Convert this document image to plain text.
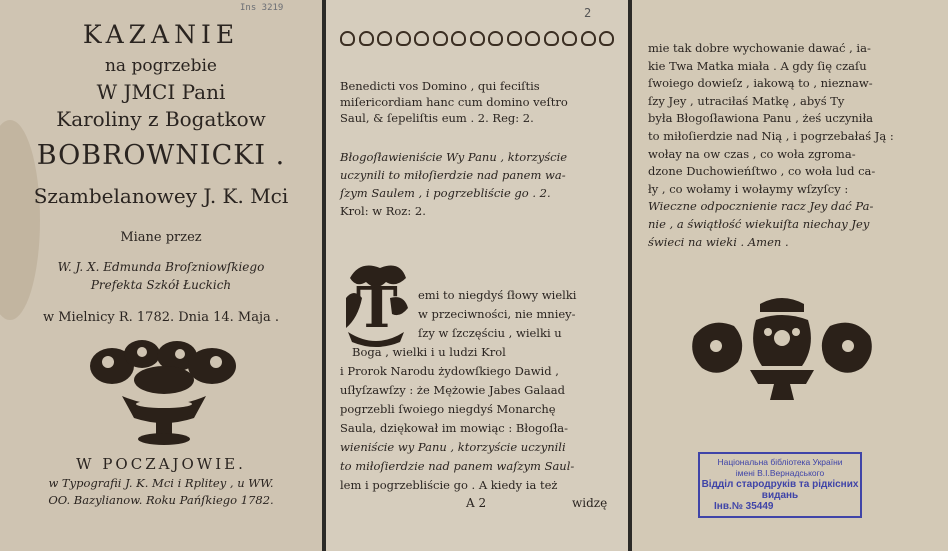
Ins 3219
KAZANIE
na pogrzebie
W JMCI Pani
Karoliny z Bogatkow
BOBROWNICKI .
Szambelanowey J. K. Mci
Miane przez
W. J. X. Edmunda Broſzniowſkiego
Prefekta Szkół Łuckich
w Mielnicy R. 1782. Dnia 14. Maja .
W POCZAJOWIE.
w Typografii J. K. Mci i Rplitey , u WW.
OO. Bazylianow. Roku Pańſkiego 1782.
2
Benedicti vos Domino , qui feciſtis
miſericordiam hanc cum domino veſtro
Saul, & ſepeliſtis eum . 2. Reg: 2.
Błogoſławieniście Wy Panu , ktorzyście
uczynili to miłoſierdzie nad panem wa-
ſzym Saulem , i pogrzebliście go . 2.
Krol: w Roz: 2.
T emi to niegdyś ſłowy wielki
w przeciwności, nie mniey-
ſzy w ſzczęściu , wielki u
Boga , wielki i u ludzi Krol
i Prorok Narodu żydowſkiego Dawid ,
uſłyſzawſzy : że Mężowie Jabes Galaad
pogrzebli ſwoiego niegdyś Monarchę
Saula, dziękował im mowiąc : Błogoſła-
wieniście wy Panu , ktorzyście uczynili
to miłoſierdzie nad panem waſzym Saul-
lem i pogrzebliście go . A kiedy ia też
A 2	widzę
mie tak dobre wychowanie dawać , ia-
kie Twa Matka miała . A gdy ſię czaſu
ſwoiego dowieſz , iakową to , nieznaw-
ſzy Jey , utraciłaś Matkę , abyś Ty
była Błogoſławiona Panu , żeś uczyniła
to miłoſierdzie nad Nią , i pogrzebałaś Ją :
wołay na ow czas , co woła zgroma-
dzone Duchowieńſtwo , co woła lud ca-
ły , co wołamy i wołaymy wſzyſcy :
Wieczne odpocznienie racz Jey dać Pa-
nie , a świątłość wiekuiſta niechay Jey
świeci na wieki . Amen .
Національна бібліотека України
імені В.І.Вернадського
Відділ стародруків та рідкісних видань
Інв.№ 35449
